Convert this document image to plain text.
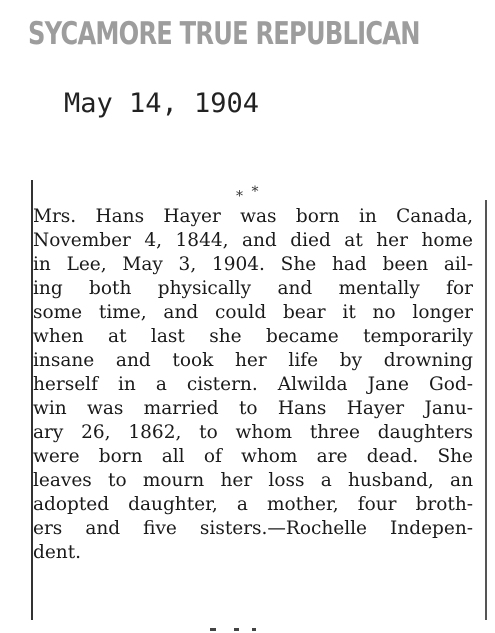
SYCAMORE TRUE REPUBLICAN
May 14, 1904
⁎ *
Mrs. Hans Hayer was born in Canada,
November 4, 1844, and died at her home
in Lee, May 3, 1904. She had been ail-
ing both physically and mentally for
some time, and could bear it no longer
when at last she became temporarily
insane and took her life by drowning
herself in a cistern. Alwilda Jane God-
win was married to Hans Hayer Janu-
ary 26, 1862, to whom three daughters
were born all of whom are dead. She
leaves to mourn her loss a husband, an
adopted daughter, a mother, four broth-
ers and five sisters.—Rochelle Indepen-
dent.
